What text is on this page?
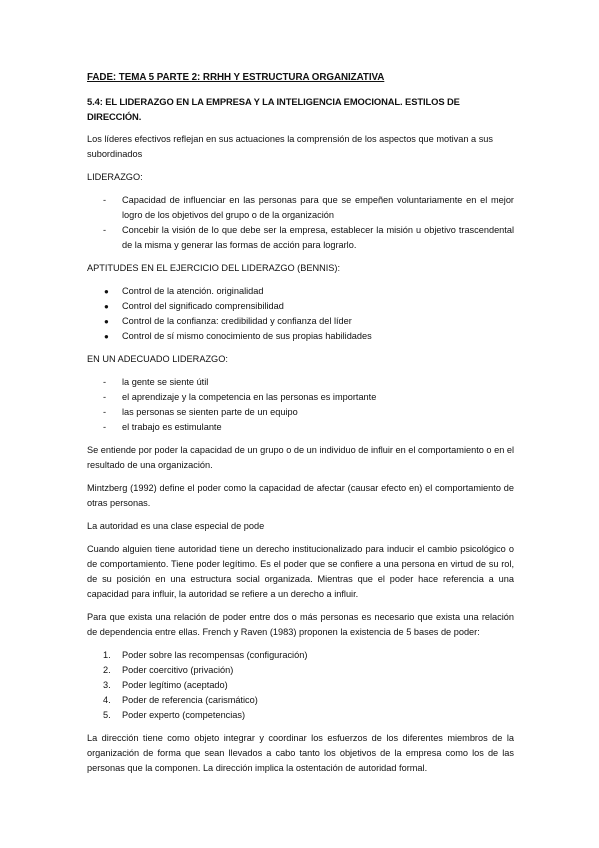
FADE: TEMA 5 PARTE 2: RRHH Y ESTRUCTURA ORGANIZATIVA
5.4: EL LIDERAZGO EN LA EMPRESA Y LA INTELIGENCIA EMOCIONAL. ESTILOS DE DIRECCIÓN.

Los líderes efectivos reflejan en sus actuaciones la comprensión de los aspectos que motivan a sus subordinados

LIDERAZGO:

- Capacidad de influenciar en las personas para que se empeñen voluntariamente en el mejor logro de los objetivos del grupo o de la organización
- Concebir la visión de lo que debe ser la empresa, establecer la misión u objetivo trascendental de la misma y generar las formas de acción para lograrlo.

APTITUDES EN EL EJERCICIO DEL LIDERAZGO (BENNIS):

● Control de la atención. originalidad
● Control del significado comprensibilidad
● Control de la confianza: credibilidad y confianza del líder
● Control de sí mismo conocimiento de sus propias habilidades

EN UN ADECUADO LIDERAZGO:

- la gente se siente útil
- el aprendizaje y la competencia en las personas es importante
- las personas se sienten parte de un equipo
- el trabajo es estimulante

Se entiende por poder la capacidad de un grupo o de un individuo de influir en el comportamiento o en el resultado de una organización.

Mintzberg (1992) define el poder como la capacidad de afectar (causar efecto en) el comportamiento de otras personas.

La autoridad es una clase especial de pode

Cuando alguien tiene autoridad tiene un derecho institucionalizado para inducir el cambio psicológico o de comportamiento. Tiene poder legítimo. Es el poder que se confiere a una persona en virtud de su rol, de su posición en una estructura social organizada. Mientras que el poder hace referencia a una capacidad para influir, la autoridad se refiere a un derecho a influir.

Para que exista una relación de poder entre dos o más personas es necesario que exista una relación de dependencia entre ellas. French y Raven (1983) proponen la existencia de 5 bases de poder:

1. Poder sobre las recompensas (configuración)
2. Poder coercitivo (privación)
3. Poder legítimo (aceptado)
4. Poder de referencia (carismático)
5. Poder experto (competencias)

La dirección tiene como objeto integrar y coordinar los esfuerzos de los diferentes miembros de la organización de forma que sean llevados a cabo tanto los objetivos de la empresa como los de las personas que la componen. La dirección implica la ostentación de autoridad formal.
